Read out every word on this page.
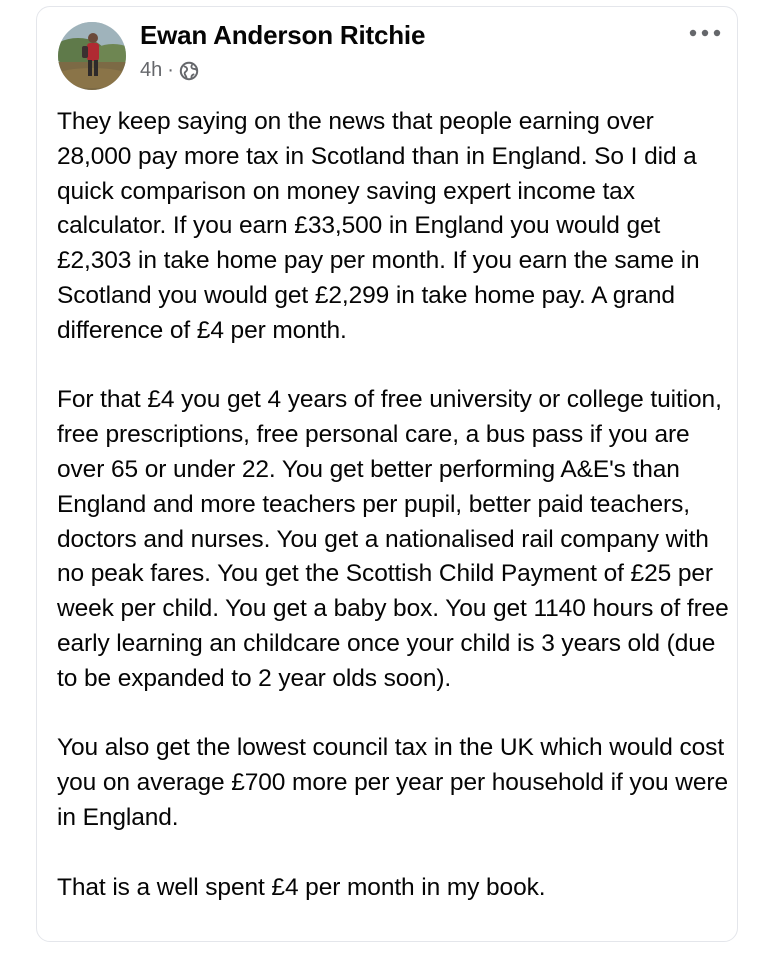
Ewan Anderson Ritchie
4h ·

They keep saying on the news that people earning over 28,000 pay more tax in Scotland than in England. So I did a quick comparison on money saving expert income tax calculator. If you earn £33,500 in England you would get £2,303 in take home pay per month. If you earn the same in Scotland you would get £2,299 in take home pay. A grand difference of £4 per month.

For that £4 you get 4 years of free university or college tuition, free prescriptions, free personal care, a bus pass if you are over 65 or under 22. You get better performing A&E's than England and more teachers per pupil, better paid teachers, doctors and nurses. You get a nationalised rail company with no peak fares. You get the Scottish Child Payment of £25 per week per child. You get a baby box. You get 1140 hours of free early learning an childcare once your child is 3 years old (due to be expanded to 2 year olds soon).

You also get the lowest council tax in the UK which would cost you on average £700 more per year per household if you were in England.

That is a well spent £4 per month in my book.
